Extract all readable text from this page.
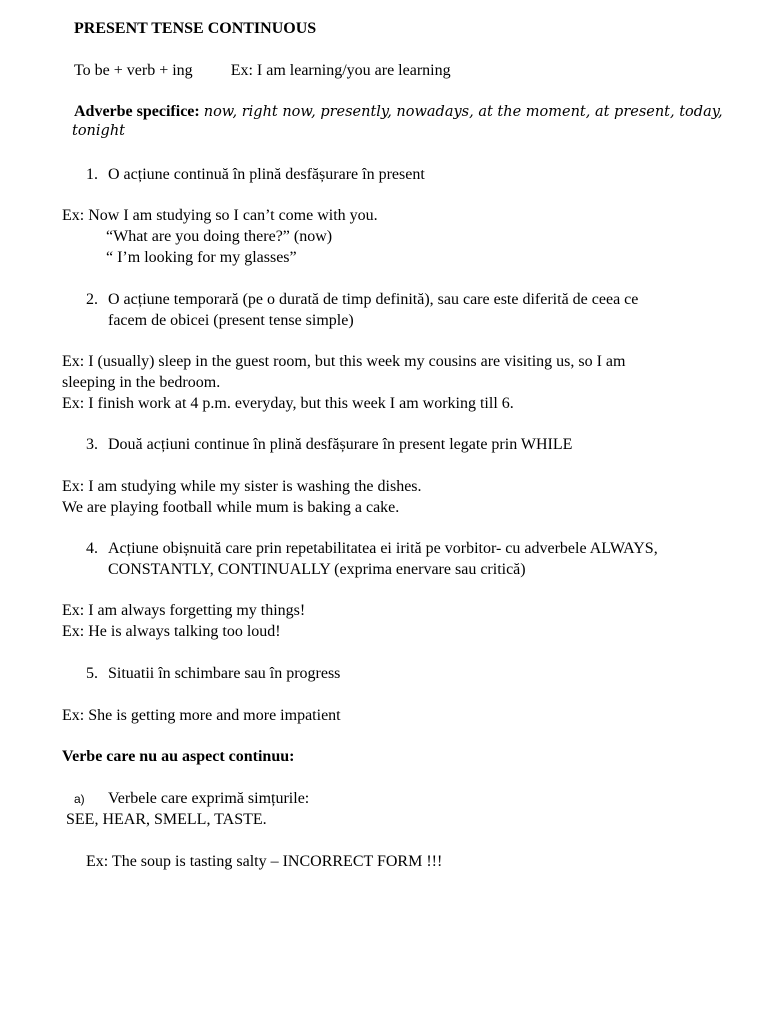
PRESENT TENSE CONTINUOUS
To be + verb + ing Ex: I am learning/you are learning
Adverbe specifice: now, right now, presently, nowadays, at the moment, at present, today,
tonight
1. O acțiune continuă în plină desfășurare în present
Ex: Now I am studying so I can’t come with you.
“What are you doing there?” (now)
“ I’m looking for my glasses”
2. O acțiune temporară (pe o durată de timp definită), sau care este diferită de ceea ce
facem de obicei (present tense simple)
Ex: I (usually) sleep in the guest room, but this week my cousins are visiting us, so I am
sleeping in the bedroom.
Ex: I finish work at 4 p.m. everyday, but this week I am working till 6.
3. Două acțiuni continue în plină desfășurare în present legate prin WHILE
Ex: I am studying while my sister is washing the dishes.
We are playing football while mum is baking a cake.
4. Acțiune obișnuită care prin repetabilitatea ei irită pe vorbitor- cu adverbele ALWAYS,
CONSTANTLY, CONTINUALLY (exprima enervare sau critică)
Ex: I am always forgetting my things!
Ex: He is always talking too loud!
5. Situatii în schimbare sau în progress
Ex: She is getting more and more impatient
Verbe care nu au aspect continuu:
a) Verbele care exprimă simțurile:
SEE, HEAR, SMELL, TASTE.
Ex: The soup is tasting salty – INCORRECT FORM !!!
